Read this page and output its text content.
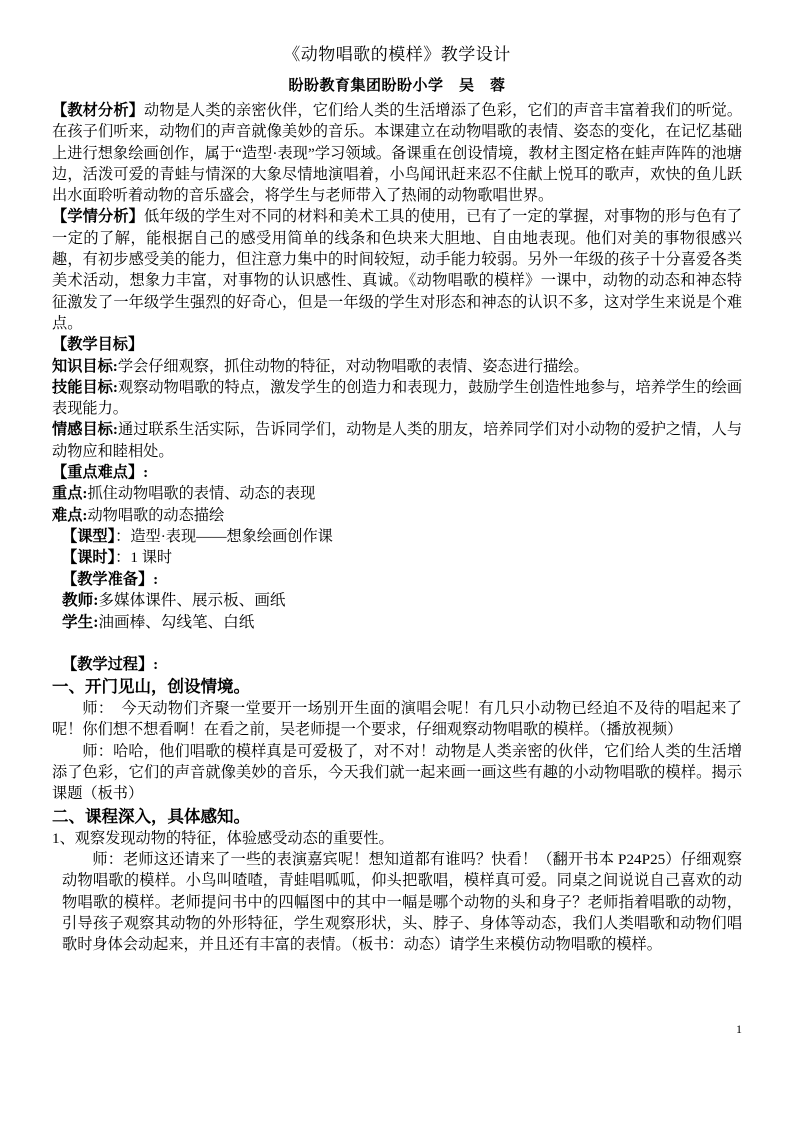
《动物唱歌的模样》教学设计
盼盼教育集团盼盼小学　吴　蓉

【教材分析】动物是人类的亲密伙伴，它们给人类的生活增添了色彩，它们的声音丰富着我们的听觉。在孩子们听来，动物们的声音就像美妙的音乐。本课建立在动物唱歌的表情、姿态的变化，在记忆基础上进行想象绘画创作，属于“造型·表现”学习领域。备课重在创设情境，教材主图定格在蛙声阵阵的池塘边，活泼可爱的青蛙与情深的大象尽情地演唱着，小鸟闻讯赶来忍不住献上悦耳的歌声，欢快的鱼儿跃出水面聆听着动物的音乐盛会，将学生与老师带入了热闹的动物歌唱世界。

【学情分析】低年级的学生对不同的材料和美术工具的使用，已有了一定的掌握，对事物的形与色有了一定的了解，能根据自己的感受用简单的线条和色块来大胆地、自由地表现。他们对美的事物很感兴趣，有初步感受美的能力，但注意力集中的时间较短，动手能力较弱。另外一年级的孩子十分喜爱各类美术活动，想象力丰富，对事物的认识感性、真诚。《动物唱歌的模样》一课中，动物的动态和神态特征激发了一年级学生强烈的好奇心，但是一年级的学生对形态和神态的认识不多，这对学生来说是个难点。

【教学目标】

知识目标:学会仔细观察，抓住动物的特征，对动物唱歌的表情、姿态进行描绘。

技能目标:观察动物唱歌的特点，激发学生的创造力和表现力，鼓励学生创造性地参与，培养学生的绘画表现能力。

情感目标:通过联系生活实际，告诉同学们，动物是人类的朋友，培养同学们对小动物的爱护之情，人与动物应和睦相处。

【重点难点】:

重点:抓住动物唱歌的表情、动态的表现

难点:动物唱歌的动态描绘

【课型】：造型·表现——想象绘画创作课

【课时】：1 课时

【教学准备】:

教师:多媒体课件、展示板、画纸

学生:油画棒、勾线笔、白纸

【教学过程】:

一、开门见山，创设情境。

师：　今天动物们齐聚一堂要开一场别开生面的演唱会呢！有几只小动物已经迫不及待的唱起来了呢！你们想不想看啊！在看之前，吴老师提一个要求，仔细观察动物唱歌的模样。（播放视频）

师：哈哈，他们唱歌的模样真是可爱极了，对不对！动物是人类亲密的伙伴，它们给人类的生活增添了色彩，它们的声音就像美妙的音乐，今天我们就一起来画一画这些有趣的小动物唱歌的模样。揭示课题（板书）

二、课程深入，具体感知。

1、观察发现动物的特征，体验感受动态的重要性。

师：老师这还请来了一些的表演嘉宾呢！想知道都有谁吗？快看！（翻开书本 P24P25）仔细观察动物唱歌的模样。小鸟叫喳喳，青蛙唱呱呱，仰头把歌唱，模样真可爱。同桌之间说说自己喜欢的动物唱歌的模样。老师提问书中的四幅图中的其中一幅是哪个动物的头和身子？老师指着唱歌的动物，引导孩子观察其动物的外形特征，学生观察形状，头、脖子、身体等动态，我们人类唱歌和动物们唱歌时身体会动起来，并且还有丰富的表情。（板书：动态）请学生来模仿动物唱歌的模样。

1
